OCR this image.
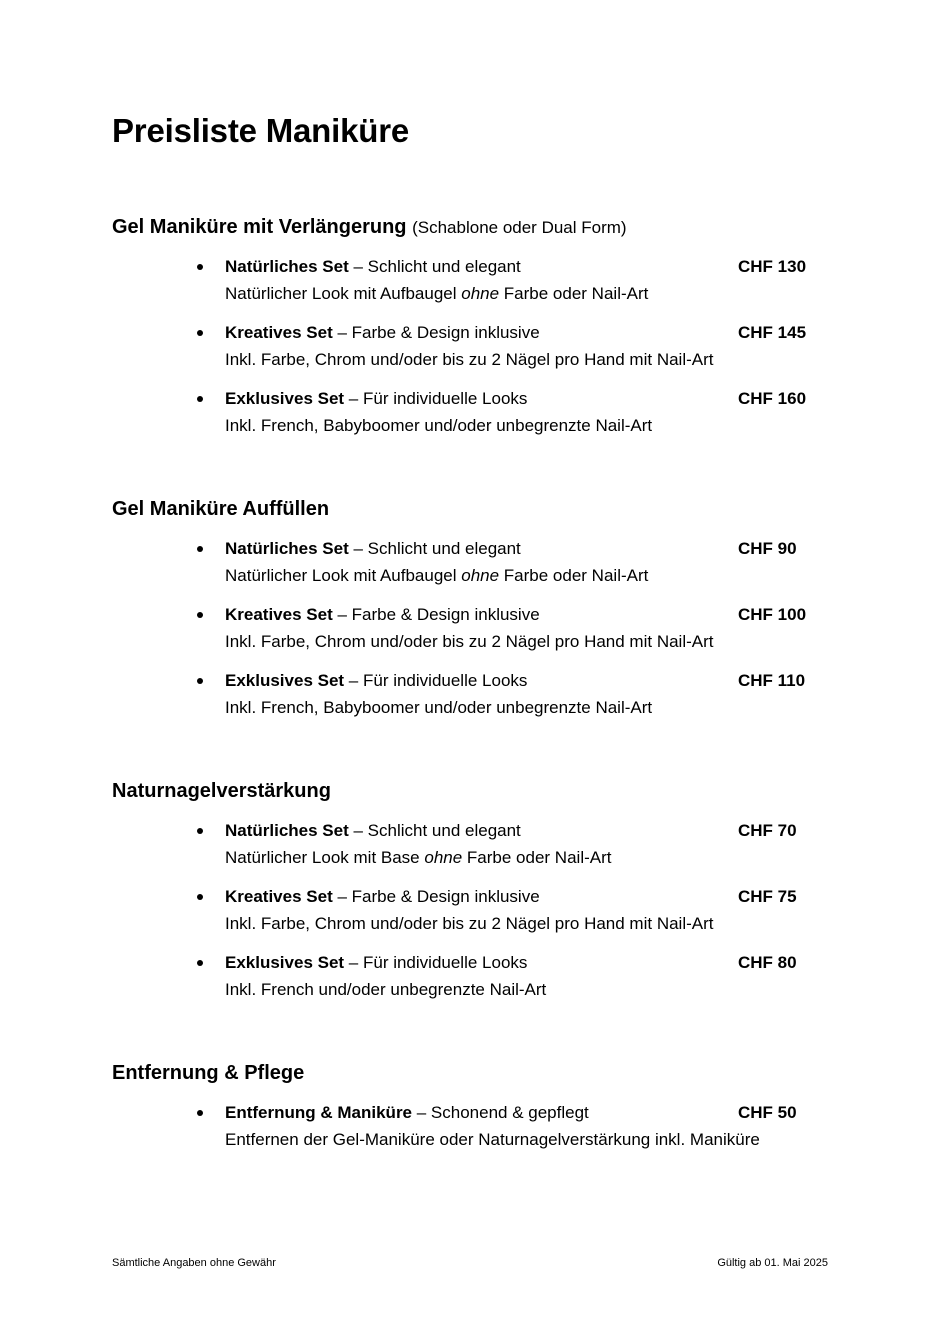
Preisliste Maniküre
Gel Maniküre mit Verlängerung (Schablone oder Dual Form)
Natürliches Set – Schlicht und elegant	CHF 130
Natürlicher Look mit Aufbaugel ohne Farbe oder Nail-Art
Kreatives Set – Farbe & Design inklusive	CHF 145
Inkl. Farbe, Chrom und/oder bis zu 2 Nägel pro Hand mit Nail-Art
Exklusives Set – Für individuelle Looks	CHF 160
Inkl. French, Babyboomer und/oder unbegrenzte Nail-Art
Gel Maniküre Auffüllen
Natürliches Set – Schlicht und elegant	CHF 90
Natürlicher Look mit Aufbaugel ohne Farbe oder Nail-Art
Kreatives Set – Farbe & Design inklusive	CHF 100
Inkl. Farbe, Chrom und/oder bis zu 2 Nägel pro Hand mit Nail-Art
Exklusives Set – Für individuelle Looks	CHF 110
Inkl. French, Babyboomer und/oder unbegrenzte Nail-Art
Naturnagelverstärkung
Natürliches Set – Schlicht und elegant	CHF 70
Natürlicher Look mit Base ohne Farbe oder Nail-Art
Kreatives Set – Farbe & Design inklusive	CHF 75
Inkl. Farbe, Chrom und/oder bis zu 2 Nägel pro Hand mit Nail-Art
Exklusives Set – Für individuelle Looks	CHF 80
Inkl. French und/oder unbegrenzte Nail-Art
Entfernung & Pflege
Entfernung & Maniküre – Schonend & gepflegt	CHF 50
Entfernen der Gel-Maniküre oder Naturnagelverstärkung inkl. Maniküre
Sämtliche Angaben ohne Gewähr	Gültig ab 01. Mai 2025
